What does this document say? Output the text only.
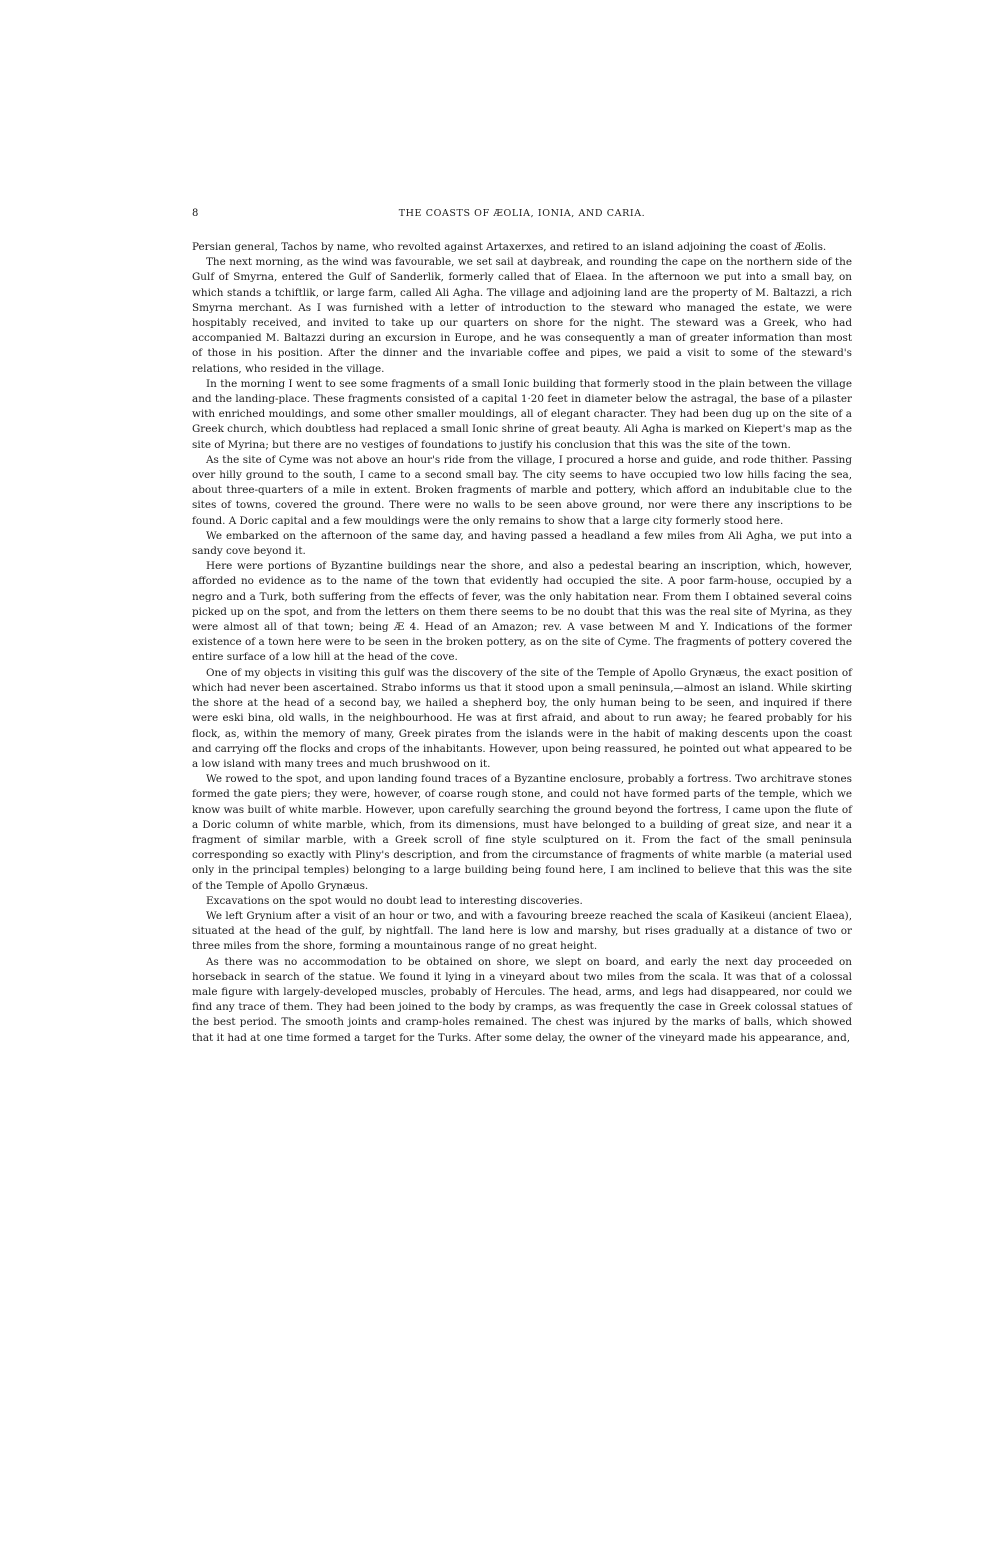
8	THE COASTS OF ÆOLIA, IONIA, AND CARIA.

Persian general, Tachos by name, who revolted against Artaxerxes, and retired to an island adjoining the coast of Æolis.

The next morning, as the wind was favourable, we set sail at daybreak, and rounding the cape on the northern side of the Gulf of Smyrna, entered the Gulf of Sanderlik, formerly called that of Elaea. In the afternoon we put into a small bay, on which stands a tchiftlik, or large farm, called Ali Agha. The village and adjoining land are the property of M. Baltazzi, a rich Smyrna merchant. As I was furnished with a letter of introduction to the steward who managed the estate, we were hospitably received, and invited to take up our quarters on shore for the night. The steward was a Greek, who had accompanied M. Baltazzi during an excursion in Europe, and he was consequently a man of greater information than most of those in his position. After the dinner and the invariable coffee and pipes, we paid a visit to some of the steward's relations, who resided in the village.

In the morning I went to see some fragments of a small Ionic building that formerly stood in the plain between the village and the landing-place. These fragments consisted of a capital 1·20 feet in diameter below the astragal, the base of a pilaster with enriched mouldings, and some other smaller mouldings, all of elegant character. They had been dug up on the site of a Greek church, which doubtless had replaced a small Ionic shrine of great beauty. Ali Agha is marked on Kiepert's map as the site of Myrina; but there are no vestiges of foundations to justify his conclusion that this was the site of the town.

As the site of Cyme was not above an hour's ride from the village, I procured a horse and guide, and rode thither. Passing over hilly ground to the south, I came to a second small bay. The city seems to have occupied two low hills facing the sea, about three-quarters of a mile in extent. Broken fragments of marble and pottery, which afford an indubitable clue to the sites of towns, covered the ground. There were no walls to be seen above ground, nor were there any inscriptions to be found. A Doric capital and a few mouldings were the only remains to show that a large city formerly stood here.

We embarked on the afternoon of the same day, and having passed a headland a few miles from Ali Agha, we put into a sandy cove beyond it.

Here were portions of Byzantine buildings near the shore, and also a pedestal bearing an inscription, which, however, afforded no evidence as to the name of the town that evidently had occupied the site. A poor farm-house, occupied by a negro and a Turk, both suffering from the effects of fever, was the only habitation near. From them I obtained several coins picked up on the spot, and from the letters on them there seems to be no doubt that this was the real site of Myrina, as they were almost all of that town; being Æ 4. Head of an Amazon; rev. A vase between M and Y. Indications of the former existence of a town here were to be seen in the broken pottery, as on the site of Cyme. The fragments of pottery covered the entire surface of a low hill at the head of the cove.

One of my objects in visiting this gulf was the discovery of the site of the Temple of Apollo Grynæus, the exact position of which had never been ascertained. Strabo informs us that it stood upon a small peninsula,—almost an island. While skirting the shore at the head of a second bay, we hailed a shepherd boy, the only human being to be seen, and inquired if there were eski bina, old walls, in the neighbourhood. He was at first afraid, and about to run away; he feared probably for his flock, as, within the memory of many, Greek pirates from the islands were in the habit of making descents upon the coast and carrying off the flocks and crops of the inhabitants. However, upon being reassured, he pointed out what appeared to be a low island with many trees and much brushwood on it.

We rowed to the spot, and upon landing found traces of a Byzantine enclosure, probably a fortress. Two architrave stones formed the gate piers; they were, however, of coarse rough stone, and could not have formed parts of the temple, which we know was built of white marble. However, upon carefully searching the ground beyond the fortress, I came upon the flute of a Doric column of white marble, which, from its dimensions, must have belonged to a building of great size, and near it a fragment of similar marble, with a Greek scroll of fine style sculptured on it. From the fact of the small peninsula corresponding so exactly with Pliny's description, and from the circumstance of fragments of white marble (a material used only in the principal temples) belonging to a large building being found here, I am inclined to believe that this was the site of the Temple of Apollo Grynæus.

Excavations on the spot would no doubt lead to interesting discoveries.

We left Grynium after a visit of an hour or two, and with a favouring breeze reached the scala of Kasikeui (ancient Elaea), situated at the head of the gulf, by nightfall. The land here is low and marshy, but rises gradually at a distance of two or three miles from the shore, forming a mountainous range of no great height.

As there was no accommodation to be obtained on shore, we slept on board, and early the next day proceeded on horseback in search of the statue. We found it lying in a vineyard about two miles from the scala. It was that of a colossal male figure with largely-developed muscles, probably of Hercules. The head, arms, and legs had disappeared, nor could we find any trace of them. They had been joined to the body by cramps, as was frequently the case in Greek colossal statues of the best period. The smooth joints and cramp-holes remained. The chest was injured by the marks of balls, which showed that it had at one time formed a target for the Turks. After some delay, the owner of the vineyard made his appearance, and,
